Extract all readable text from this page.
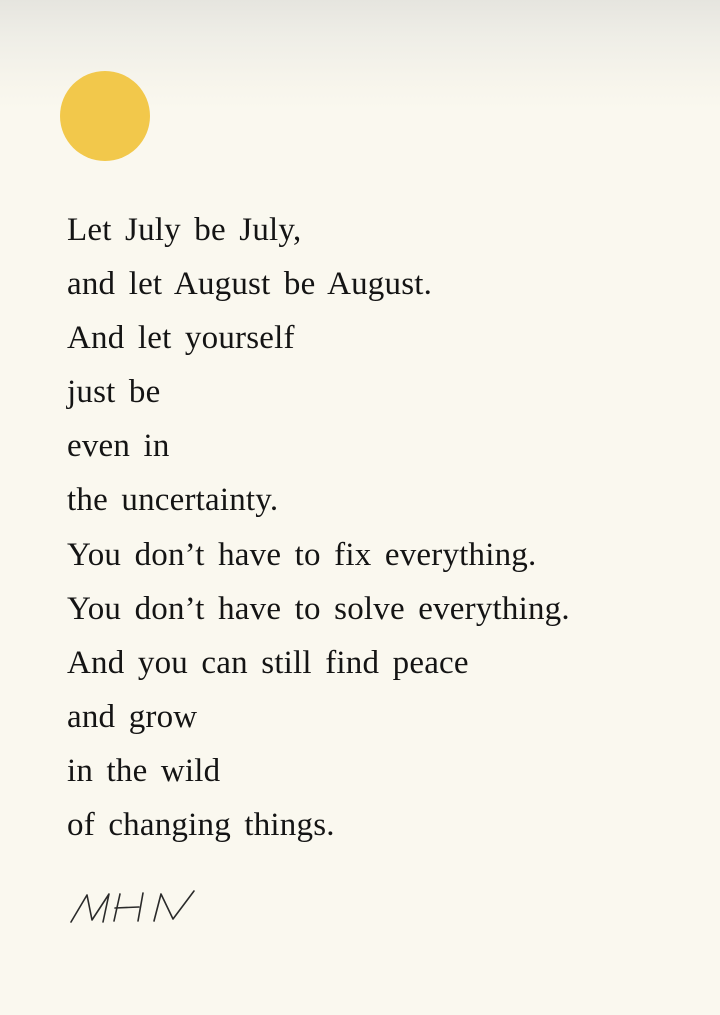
Let July be July,
and let August be August.
And let yourself
just be
even in
the uncertainty.
You don’t have to fix everything.
You don’t have to solve everything.
And you can still find peace
and grow
in the wild
of changing things.
